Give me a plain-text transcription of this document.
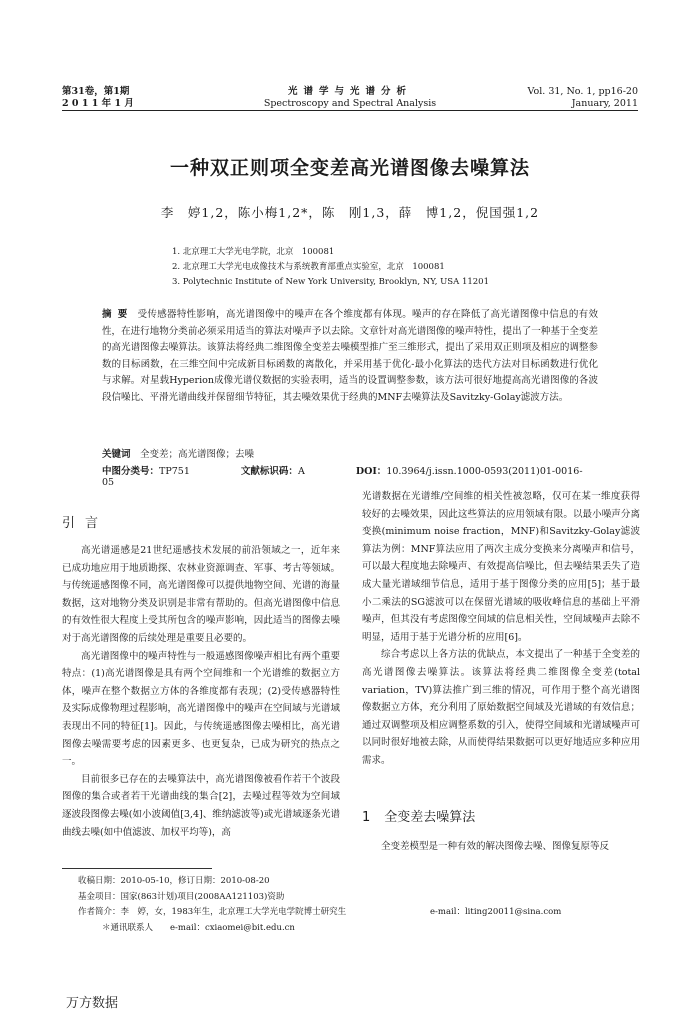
第31卷，第1期
2 0 1 1 年 1 月
光谱学与光谱分析
Spectroscopy and Spectral Analysis
Vol. 31, No. 1, pp16-20
January, 2011
一种双正则项全变差高光谱图像去噪算法
李　婷1,2，陈小梅1,2*，陈　刚1,3，薛　博1,2，倪国强1,2
1. 北京理工大学光电学院，北京　100081
2. 北京理工大学光电成像技术与系统教育部重点实验室，北京　100081
3. Polytechnic Institute of New York University, Brooklyn, NY, USA 11201
摘要 受传感器特性影响，高光谱图像中的噪声在各个维度都有体现。噪声的存在降低了高光谱图像中信息的有效性，在进行地物分类前必须采用适当的算法对噪声予以去除。文章针对高光谱图像的噪声特性，提出了一种基于全变差的高光谱图像去噪算法。该算法将经典二维图像全变差去噪模型推广至三维形式，提出了采用双正则项及相应的调整参数的目标函数，在三维空间中完成新目标函数的离散化，并采用基于优化-最小化算法的迭代方法对目标函数进行优化与求解。对星载Hyperion成像光谱仪数据的实验表明，适当的设置调整参数，该方法可很好地提高高光谱图像的各波段信噪比、平滑光谱曲线并保留细节特征，其去噪效果优于经典的MNF去噪算法及Savitzky-Golay滤波方法。
关键词　 全变差；高光谱图像；去噪
中图分类号：TP751	文献标识码：A	DOI：10.3964/j.issn.1000-0593(2011)01-0016-05
引言

高光谱遥感是21世纪遥感技术发展的前沿领域之一，近年来已成功地应用于地质勘探、农林业资源调查、军事、考古等领域。与传统遥感图像不同，高光谱图像可以提供地物空间、光谱的海量数据，这对地物分类及识别是非常有帮助的。但高光谱图像中信息的有效性很大程度上受其所包含的噪声影响，因此适当的图像去噪对于高光谱图像的后续处理是重要且必要的。

高光谱图像中的噪声特性与一般遥感图像噪声相比有两个重要特点：(1)高光谱图像是具有两个空间维和一个光谱维的数据立方体，噪声在整个数据立方体的各维度都有表现；(2)受传感器特性及实际成像物理过程影响，高光谱图像中的噪声在空间域与光谱域表现出不同的特征[1]。因此，与传统遥感图像去噪相比，高光谱图像去噪需要考虑的因素更多、也更复杂，已成为研究的热点之一。

目前很多已存在的去噪算法中，高光谱图像被看作若干个波段图像的集合或者若干光谱曲线的集合[2]，去噪过程等效为空间域逐波段图像去噪(如小波阈值[3,4]、维纳滤波等)或光谱域逐条光谱曲线去噪(如中值滤波、加权平均等)，高

光谱数据在光谱维/空间维的相关性被忽略，仅可在某一维度获得较好的去噪效果，因此这些算法的应用领域有限。以最小噪声分离变换(minimum noise fraction，MNF)和Savitzky-Golay滤波算法为例：MNF算法应用了两次主成分变换来分离噪声和信号，可以最大程度地去除噪声、有效提高信噪比，但去噪结果丢失了造成大量光谱域细节信息，适用于基于图像分类的应用[5]；基于最小二乘法的SG滤波可以在保留光谱域的吸收峰信息的基础上平滑噪声，但其没有考虑图像空间域的信息相关性，空间域噪声去除不明显，适用于基于光谱分析的应用[6]。

综合考虑以上各方法的优缺点，本文提出了一种基于全变差的高光谱图像去噪算法。该算法将经典二维图像全变差(total variation，TV)算法推广到三维的情况，可作用于整个高光谱图像数据立方体，充分利用了原始数据空间域及光谱域的有效信息；通过双调整项及相应调整系数的引入，使得空间域和光谱域噪声可以同时很好地被去除，从而使得结果数据可以更好地适应多种应用需求。

1 全变差去噪算法

全变差模型是一种有效的解决图像去噪、图像复原等反

收稿日期：2010-05-10，修订日期：2010-08-20
基金项目：国家(863计划)项目(2008AA121103)资助
作者简介：李　婷，女，1983年生，北京理工大学光电学院博士研究生	e-mail：liting20011@sina.com
＊通讯联系人　　e-mail：cxiaomei@bit.edu.cn
万方数据
